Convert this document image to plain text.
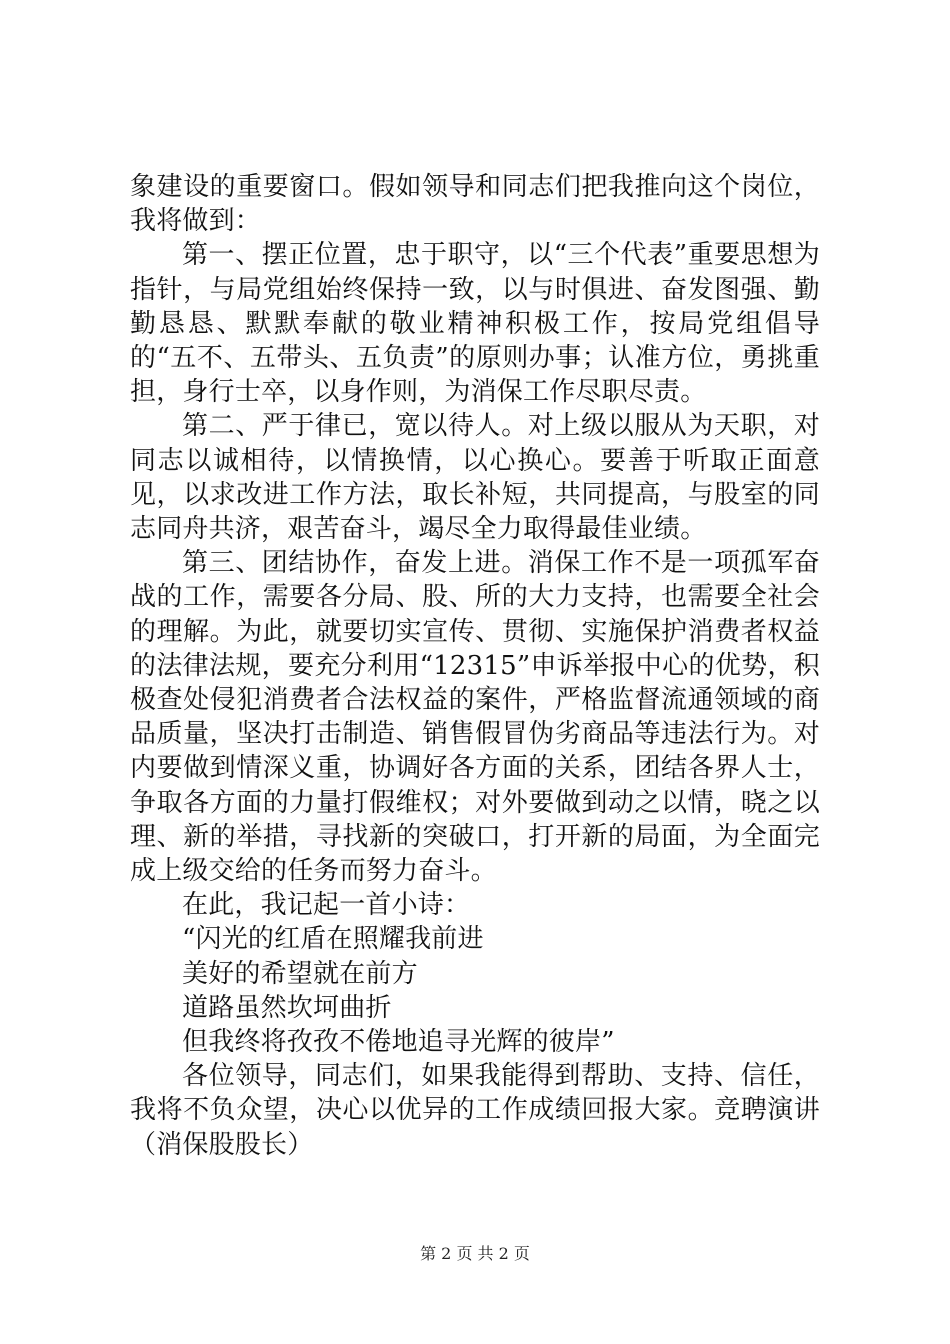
象建设的重要窗口。假如领导和同志们把我推向这个岗位，我将做到：

第一、摆正位置，忠于职守，以“三个代表”重要思想为指针，与局党组始终保持一致，以与时俱进、奋发图强、勤勤恳恳、默默奉献的敬业精神积极工作，按局党组倡导的“五不、五带头、五负责”的原则办事；认准方位，勇挑重担，身行士卒，以身作则，为消保工作尽职尽责。

第二、严于律已，宽以待人。对上级以服从为天职，对同志以诚相待，以情换情，以心换心。要善于听取正面意见，以求改进工作方法，取长补短，共同提高，与股室的同志同舟共济，艰苦奋斗，竭尽全力取得最佳业绩。

第三、团结协作，奋发上进。消保工作不是一项孤军奋战的工作，需要各分局、股、所的大力支持，也需要全社会的理解。为此，就要切实宣传、贯彻、实施保护消费者权益的法律法规，要充分利用“12315”申诉举报中心的优势，积极查处侵犯消费者合法权益的案件，严格监督流通领域的商品质量，坚决打击制造、销售假冒伪劣商品等违法行为。对内要做到情深义重，协调好各方面的关系，团结各界人士，争取各方面的力量打假维权；对外要做到动之以情，晓之以理、新的举措，寻找新的突破口，打开新的局面，为全面完成上级交给的任务而努力奋斗。

在此，我记起一首小诗：

“闪光的红盾在照耀我前进

美好的希望就在前方

道路虽然坎坷曲折

但我终将孜孜不倦地追寻光辉的彼岸”

各位领导，同志们，如果我能得到帮助、支持、信任，我将不负众望，决心以优异的工作成绩回报大家。竞聘演讲（消保股股长）

第 2 页 共 2 页
